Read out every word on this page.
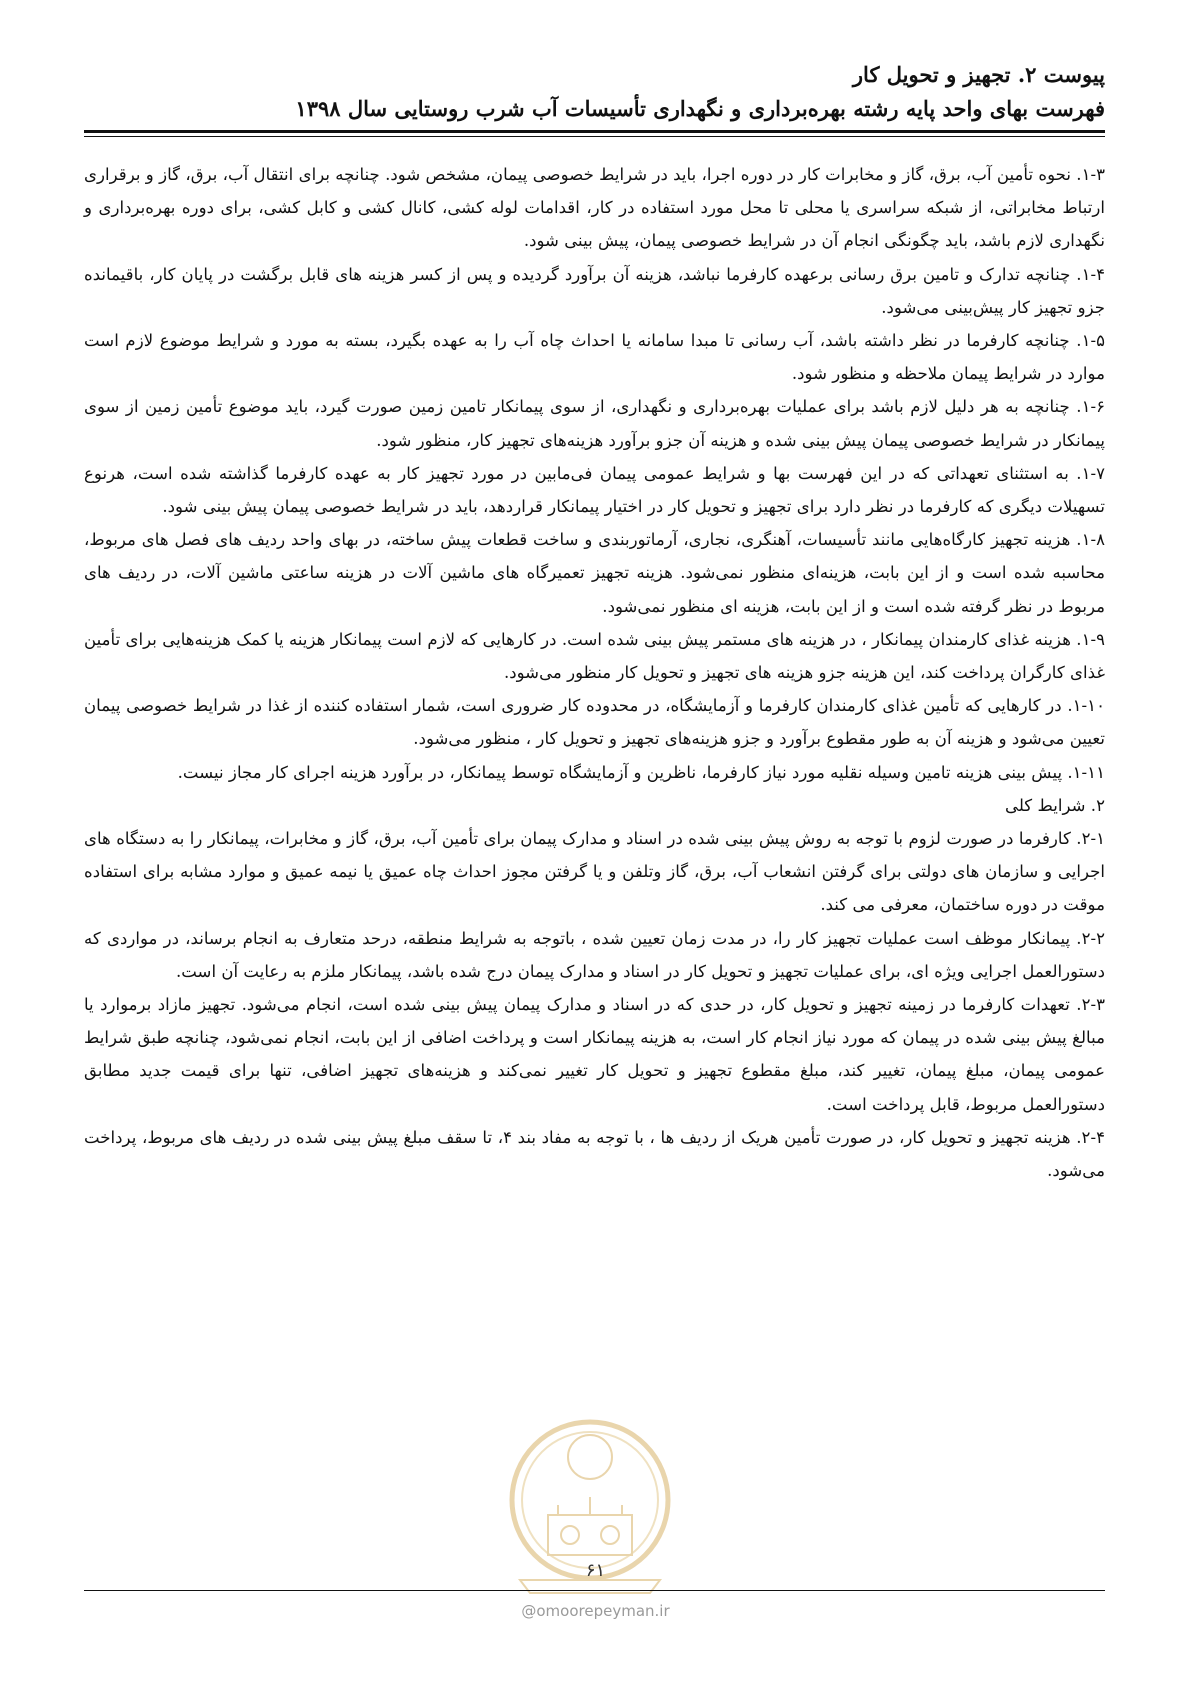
پیوست ۲. تجهیز و تحویل کار
فهرست بهای واحد پایه رشته بهره‌برداری و نگهداری تأسیسات آب شرب روستایی سال ۱۳۹۸

۱-۳. نحوه تأمین آب، برق، گاز و مخابرات کار در دوره اجرا، باید در شرایط خصوصی پیمان، مشخص شود. چنانچه برای انتقال آب، برق، گاز و برقراری ارتباط مخابراتی، از شبکه سراسری یا محلی تا محل مورد استفاده در کار، اقدامات لوله کشی، کانال کشی و کابل کشی، برای دوره بهره‌برداری و نگهداری لازم باشد، باید چگونگی انجام آن در شرایط خصوصی پیمان، پیش بینی شود.

۱-۴. چنانچه تدارک و تامین برق رسانی برعهده کارفرما نباشد، هزینه آن برآورد گردیده و پس از کسر هزینه های قابل برگشت در پایان کار، باقیمانده جزو تجهیز کار پیش‌بینی می‌شود.

۱-۵. چنانچه کارفرما در نظر داشته باشد، آب رسانی تا مبدا سامانه یا احداث چاه آب را به عهده بگیرد، بسته به مورد و شرایط موضوع لازم است موارد در شرایط پیمان ملاحظه و منظور شود.

۱-۶. چنانچه به هر دلیل لازم باشد برای عملیات بهره‌برداری و نگهداری، از سوی پیمانکار تامین زمین صورت گیرد، باید موضوع تأمین زمین از سوی پیمانکار در شرایط خصوصی پیمان پیش بینی شده و هزینه آن جزو برآورد هزینه‌های تجهیز کار، منظور شود.

۱-۷. به استثنای تعهداتی که در این فهرست بها و شرایط عمومی پیمان فی‌مابین در مورد تجهیز کار به عهده کارفرما گذاشته شده است، هرنوع تسهیلات دیگری که کارفرما در نظر دارد برای تجهیز و تحویل کار در اختیار پیمانکار قراردهد، باید در شرایط خصوصی پیمان پیش بینی شود.

۱-۸. هزینه تجهیز کارگاه‌هایی مانند تأسیسات، آهنگری، نجاری، آرماتوربندی و ساخت قطعات پیش ساخته، در بهای واحد ردیف های فصل های مربوط، محاسبه شده است و از این بابت، هزینه‌ای منظور نمی‌شود. هزینه تجهیز تعمیرگاه های ماشین آلات در هزینه ساعتی ماشین آلات، در ردیف های مربوط در نظر گرفته شده است و از این بابت، هزینه ای منظور نمی‌شود.

۱-۹. هزینه غذای کارمندان پیمانکار ، در هزینه های مستمر پیش بینی شده است. در کارهایی که لازم است پیمانکار هزینه یا کمک هزینه‌هایی برای تأمین غذای کارگران پرداخت کند، این هزینه جزو هزینه های تجهیز و تحویل کار منظور می‌شود.

۱-۱۰. در کارهایی که تأمین غذای کارمندان کارفرما و آزمایشگاه، در محدوده کار ضروری است، شمار استفاده کننده از غذا در شرایط خصوصی پیمان تعیین می‌شود و هزینه آن به طور مقطوع برآورد و جزو هزینه‌های تجهیز و تحویل کار ، منظور می‌شود.

۱-۱۱. پیش بینی هزینه تامین وسیله نقلیه مورد نیاز کارفرما، ناظرین و آزمایشگاه توسط پیمانکار، در برآورد هزینه اجرای کار مجاز نیست.

۲. شرایط کلی

۲-۱. کارفرما در صورت لزوم با توجه به روش پیش بینی شده در اسناد و مدارک پیمان برای تأمین آب، برق، گاز و مخابرات، پیمانکار را به دستگاه های اجرایی و سازمان های دولتی برای گرفتن انشعاب آب، برق، گاز وتلفن و یا گرفتن مجوز احداث چاه عمیق یا نیمه عمیق و موارد مشابه برای استفاده موقت در دوره ساختمان، معرفی می کند.

۲-۲. پیمانکار موظف است عملیات تجهیز کار را، در مدت زمان تعیین شده ، باتوجه به شرایط منطقه، درحد متعارف به انجام برساند، در مواردی که دستورالعمل اجرایی ویژه ای، برای عملیات تجهیز و تحویل کار در اسناد و مدارک پیمان درج شده باشد، پیمانکار ملزم به رعایت آن است.

۲-۳. تعهدات کارفرما در زمینه تجهیز و تحویل کار، در حدی که در اسناد و مدارک پیمان پیش بینی شده است، انجام می‌شود. تجهیز مازاد برموارد یا مبالغ پیش بینی شده در پیمان که مورد نیاز انجام کار است، به هزینه پیمانکار است و پرداخت اضافی از این بابت، انجام نمی‌شود، چنانچه طبق شرایط عمومی پیمان، مبلغ پیمان، تغییر کند، مبلغ مقطوع تجهیز و تحویل کار تغییر نمی‌کند و هزینه‌های تجهیز اضافی، تنها برای قیمت جدید مطابق دستورالعمل مربوط، قابل پرداخت است.

۲-۴. هزینه تجهیز و تحویل کار، در صورت تأمین هریک از ردیف ها ، با توجه به مفاد بند ۴، تا سقف مبلغ پیش بینی شده در ردیف های مربوط، پرداخت می‌شود.

۶۱
@omoorepeyman.ir
